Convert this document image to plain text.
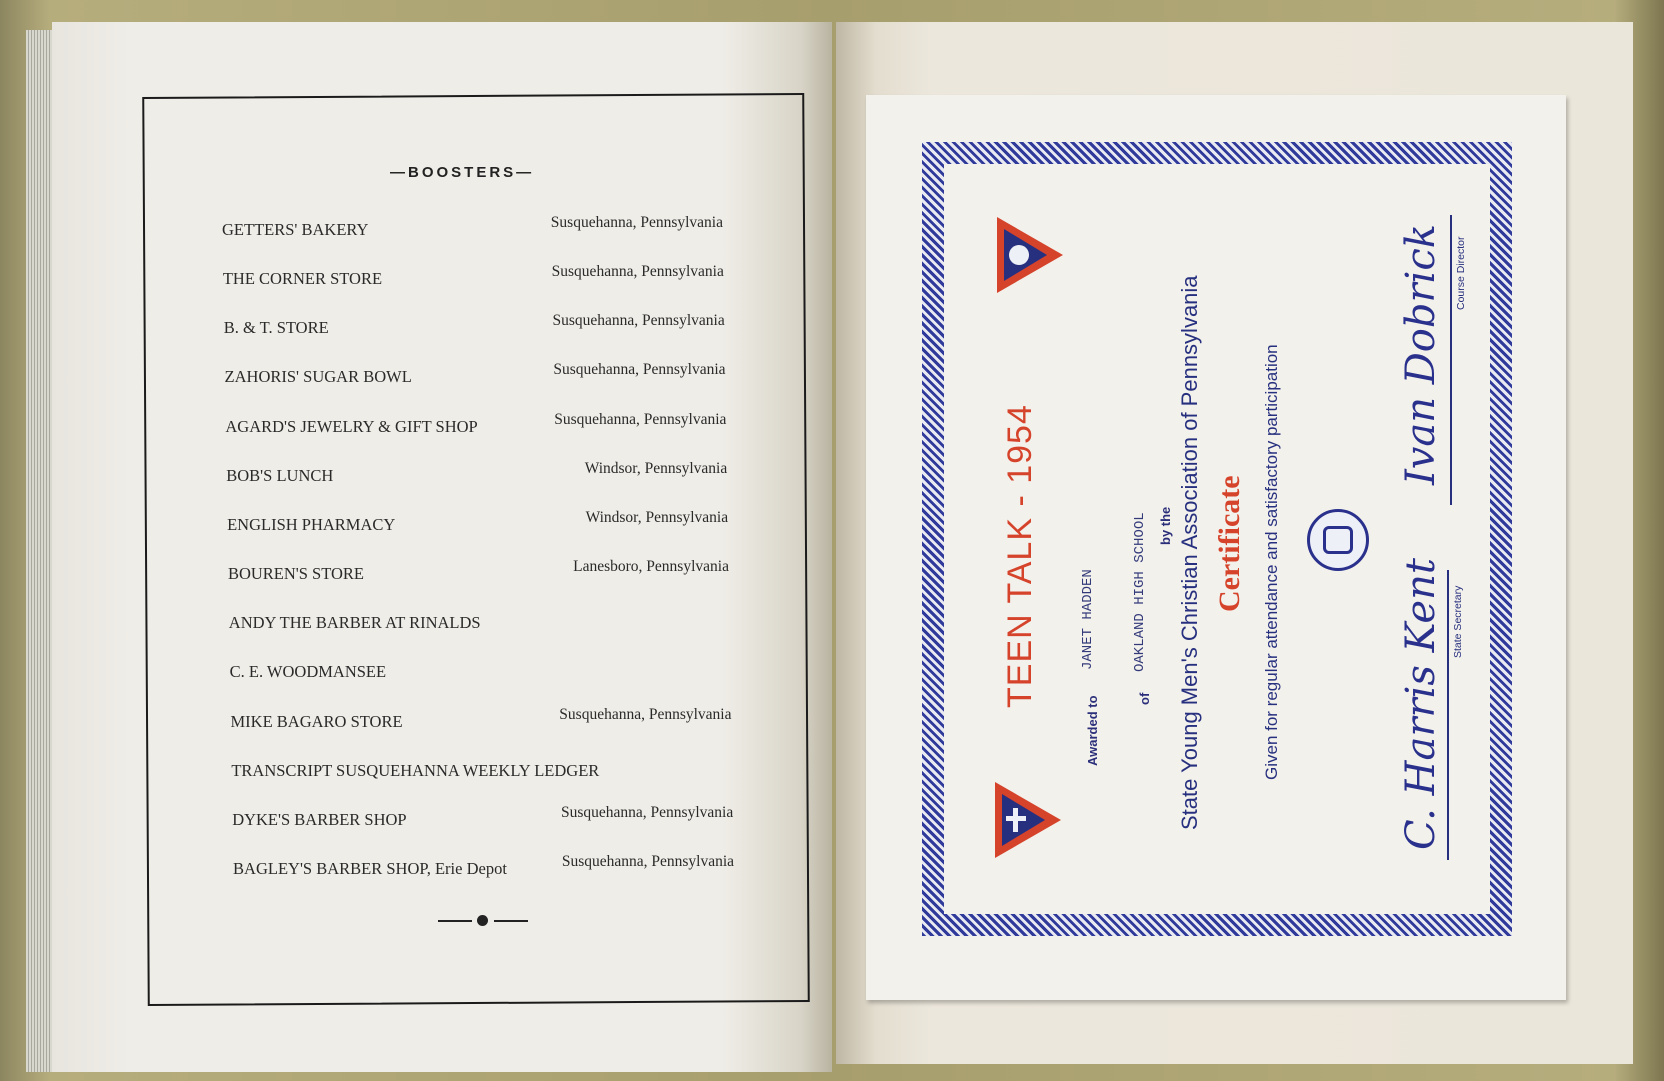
—BOOSTERS—
GETTERS' BAKERY	Susquehanna, Pennsylvania
THE CORNER STORE	Susquehanna, Pennsylvania
B. & T. STORE	Susquehanna, Pennsylvania
ZAHORIS' SUGAR BOWL	Susquehanna, Pennsylvania
AGARD'S JEWELRY & GIFT SHOP	Susquehanna, Pennsylvania
BOB'S LUNCH	Windsor, Pennsylvania
ENGLISH PHARMACY	Windsor, Pennsylvania
BOUREN'S STORE	Lanesboro, Pennsylvania
ANDY THE BARBER AT RINALDS
C. E. WOODMANSEE
MIKE BAGARO STORE	Susquehanna, Pennsylvania
TRANSCRIPT SUSQUEHANNA WEEKLY LEDGER
DYKE'S BARBER SHOP	Susquehanna, Pennsylvania
BAGLEY'S BARBER SHOP, Erie Depot	Susquehanna, Pennsylvania
TEEN TALK - 1954
Awarded to
JANET HADDEN
of
OAKLAND HIGH SCHOOL by the State Young Men's Christian Association of Pennsylvania Certificate Given for regular attendance and satisfactory participation	C. Harris Kent
Ivan Dobrick
State Secretary
Course Director
